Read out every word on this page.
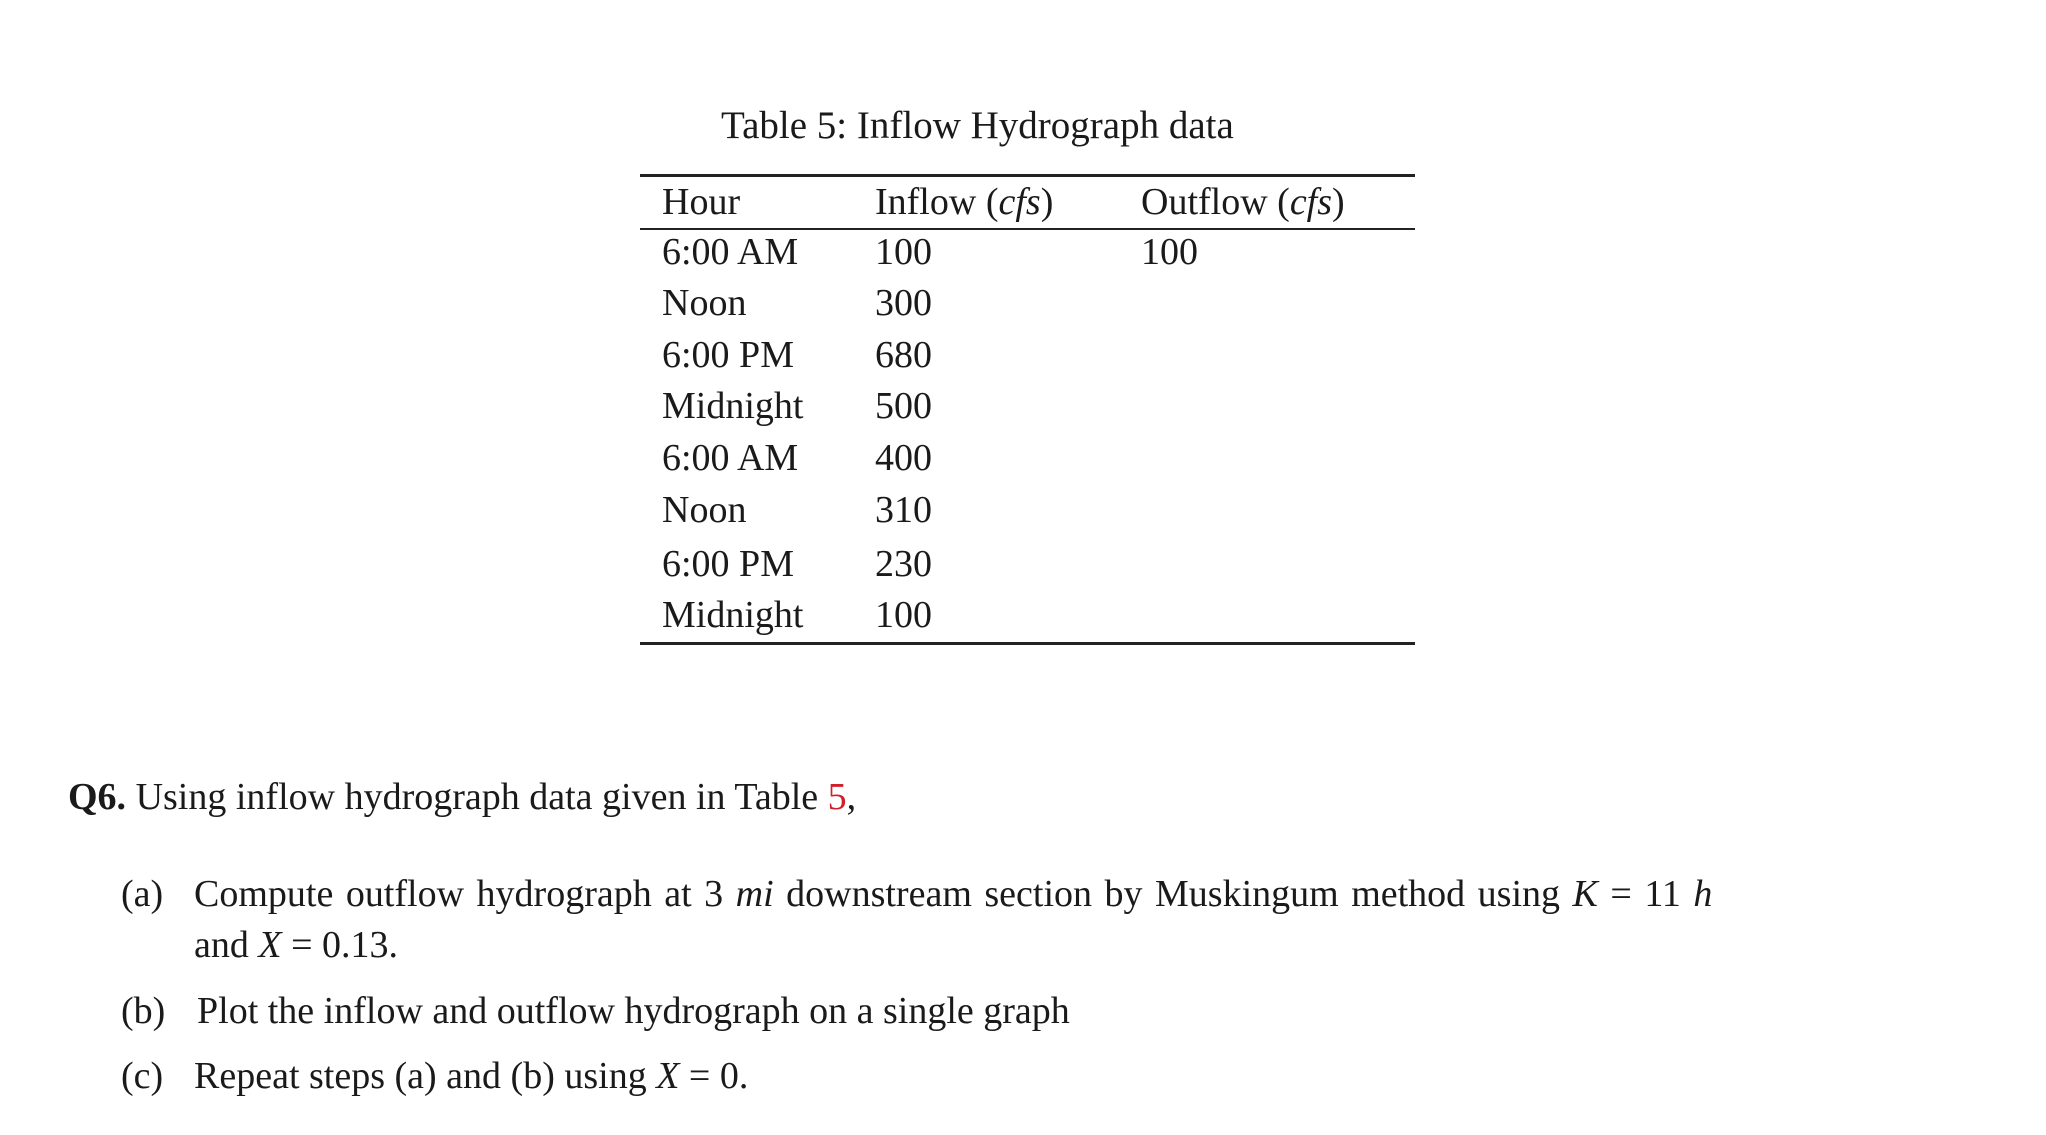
Table 5: Inflow Hydrograph data
Hour	Inflow (cfs) Outflow (cfs)
6:00 AM 100	100
Noon	300
6:00 PM 680
Midnight 500
6:00 AM 400
Noon	310
6:00 PM 230
Midnight 100
Q6. Using inflow hydrograph data given in Table 5,
(a) Compute outflow hydrograph at 3 mi downstream section by Muskingum method using K = 11 h
and X = 0.13.
(b) Plot the inflow and outflow hydrograph on a single graph
(c) Repeat steps (a) and (b) using X = 0.
